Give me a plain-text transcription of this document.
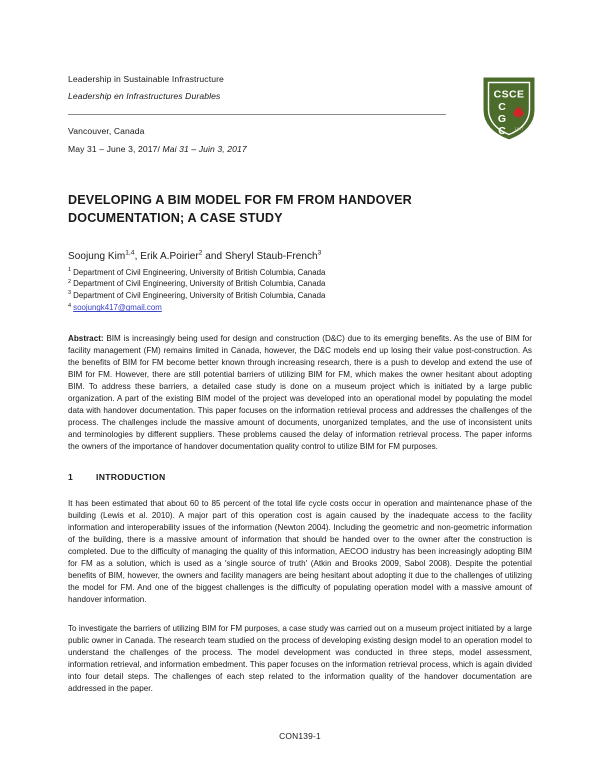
Leadership in Sustainable Infrastructure
Leadership en Infrastructures Durables
Vancouver, Canada
May 31 – June 3, 2017/ Mai 31 – Juin 3, 2017
CSCE
C
G
C 1887
DEVELOPING A BIM MODEL FOR FM FROM HANDOVER DOCUMENTATION; A CASE STUDY
Soojung Kim$^{1,4}$, Erik A.Poirier$^2$ and Sheryl Staub-French$^3$
$^1$ Department of Civil Engineering, University of British Columbia, Canada
$^2$ Department of Civil Engineering, University of British Columbia, Canada
$^3$ Department of Civil Engineering, University of British Columbia, Canada
$^4$ soojungk417@gmail.com

Abstract: BIM is increasingly being used for design and construction (D&C) due to its emerging benefits. As the use of BIM for facility management (FM) remains limited in Canada, however, the D&C models end up losing their value post-construction. As the benefits of BIM for FM become better known through increasing research, there is a push to develop and extend the use of BIM for FM. However, there are still potential barriers of utilizing BIM for FM, which makes the owner hesitant about adopting BIM. To address these barriers, a detailed case study is done on a museum project which is initiated by a large public organization. A part of the existing BIM model of the project was developed into an operational model by populating the model data with handover documentation. This paper focuses on the information retrieval process and addresses the challenges of the process. The challenges include the massive amount of documents, unorganized templates, and the use of inconsistent units and terminologies by different suppliers. These problems caused the delay of information retrieval process. The paper informs the owners of the importance of handover documentation quality control to utilize BIM for FM purposes.

1	INTRODUCTION

It has been estimated that about 60 to 85 percent of the total life cycle costs occur in operation and maintenance phase of the building (Lewis et al. 2010). A major part of this operation cost is again caused by the inadequate access to the facility information and interoperability issues of the information (Newton 2004). Including the geometric and non-geometric information of the building, there is a massive amount of information that should be handed over to the owner after the construction is completed. Due to the difficulty of managing the quality of this information, AECOO industry has been increasingly adopting BIM for FM as a solution, which is used as a 'single source of truth' (Atkin and Brooks 2009, Sabol 2008). Despite the potential benefits of BIM, however, the owners and facility managers are being hesitant about adopting it due to the challenges of utilizing the model for FM. And one of the biggest challenges is the difficulty of populating operation model with a massive amount of handover information.

To investigate the barriers of utilizing BIM for FM purposes, a case study was carried out on a museum project initiated by a large public owner in Canada. The research team studied on the process of developing existing design model to an operation model to understand the challenges of the process. The model development was conducted in three steps, model assessment, information retrieval, and information embedment. This paper focuses on the information retrieval process, which is again divided into four detail steps. The challenges of each step related to the information quality of the handover documentation are addressed in the paper.

CON139-1
